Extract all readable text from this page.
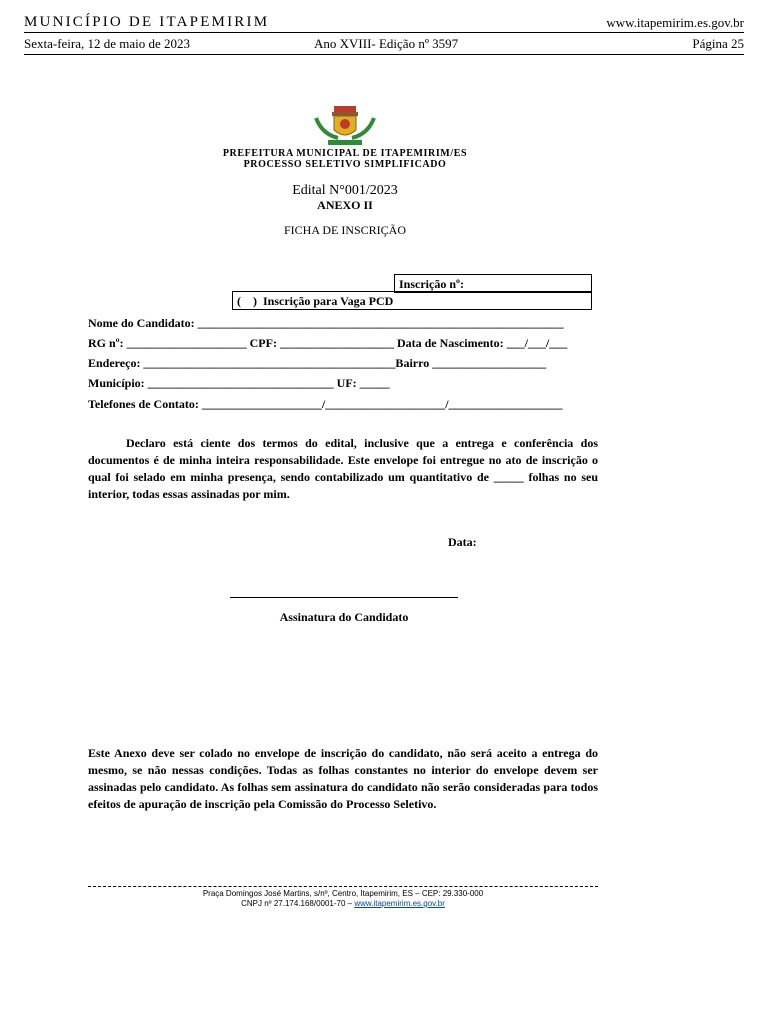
MUNICÍPIO DE ITAPEMIRIM	www.itapemirim.es.gov.br
Sexta-feira, 12 de maio de 2023	Ano XVIII- Edição nº 3597	Página 25
PREFEITURA MUNICIPAL DE ITAPEMIRIM/ES
PROCESSO SELETIVO SIMPLIFICADO
Edital N°001/2023
ANEXO II
FICHA DE INSCRIÇÃO
Inscrição nº:
(    )  Inscrição para Vaga PCD
Nome do Candidato: _____________________________________________________________
RG nº: ____________________ CPF: ___________________ Data de Nascimento: ___/___/___
Endereço: __________________________________________Bairro ___________________
Município: _______________________________ UF: _____
Telefones de Contato: ____________________/____________________/___________________
Declaro está ciente dos termos do edital, inclusive que a entrega e conferência dos documentos é de minha inteira responsabilidade. Este envelope foi entregue no ato de inscrição o qual foi selado em minha presença, sendo contabilizado um quantitativo de _____ folhas no seu interior, todas essas assinadas por mim.
Data:
Assinatura do Candidato
Este Anexo deve ser colado no envelope de inscrição do candidato, não será aceito a entrega do mesmo, se não nessas condições. Todas as folhas constantes no interior do envelope devem ser assinadas pelo candidato. As folhas sem assinatura do candidato não serão consideradas para todos efeitos de apuração de inscrição pela Comissão do Processo Seletivo.
Praça Domingos José Martins, s/nº, Centro, Itapemirim, ES – CEP: 29.330-000
CNPJ nº 27.174.168/0001-70 – www.itapemirim.es.gov.br
